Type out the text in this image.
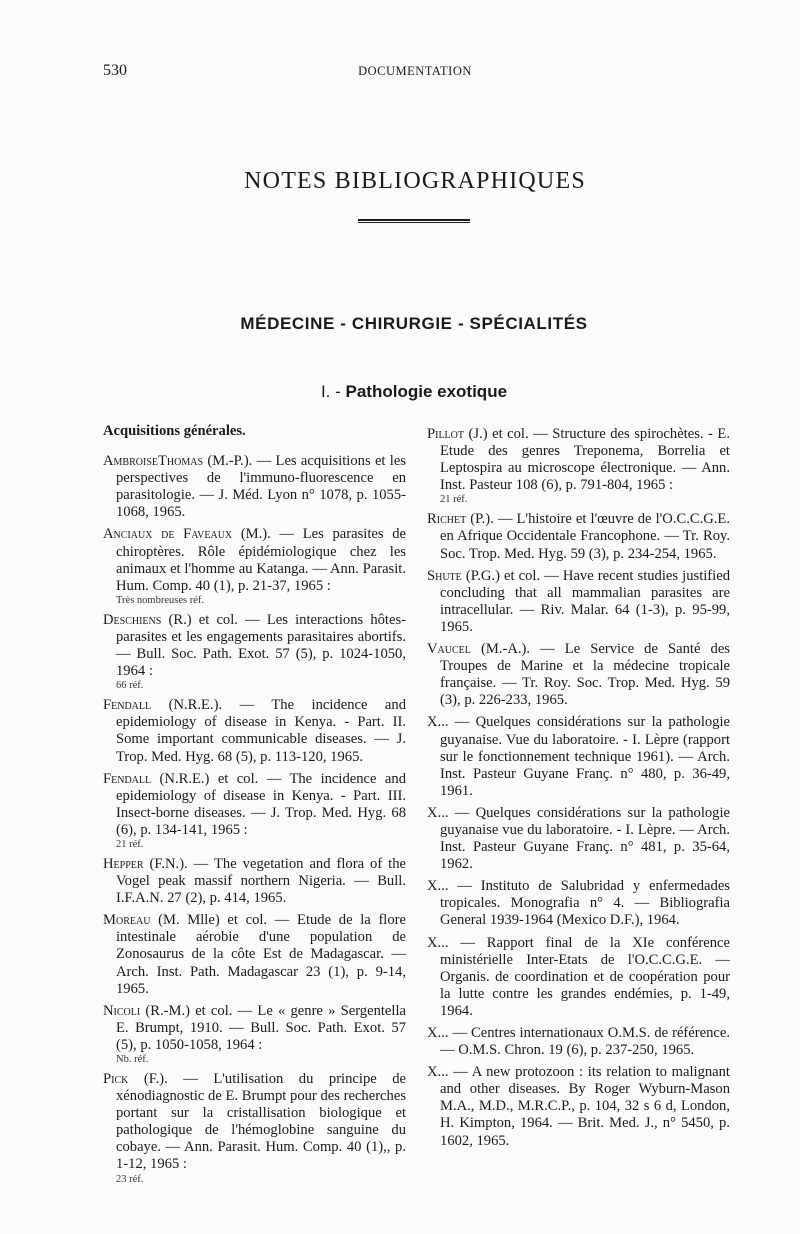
530	DOCUMENTATION
NOTES BIBLIOGRAPHIQUES
MÉDECINE - CHIRURGIE - SPÉCIALITÉS
I. - Pathologie exotique
Acquisitions générales.
AmbroiseThomas (M.-P.). — Les acquisitions et les perspectives de l'immuno-fluorescence en parasitologie. — J. Méd. Lyon n° 1078, p. 1055-1068, 1965.
Anciaux de Faveaux (M.). — Les parasites de chiroptères. Rôle épidémiologique chez les animaux et l'homme au Katanga. — Ann. Parasit. Hum. Comp. 40 (1), p. 21-37, 1965 :
Très nombreuses réf.
Deschiens (R.) et col. — Les interactions hôtes-parasites et les engagements parasitaires abortifs. — Bull. Soc. Path. Exot. 57 (5), p. 1024-1050, 1964 :
66 réf.
Fendall (N.R.E.). — The incidence and epidemiology of disease in Kenya. - Part. II. Some important communicable diseases. — J. Trop. Med. Hyg. 68 (5), p. 113-120, 1965.
Fendall (N.R.E.) et col. — The incidence and epidemiology of disease in Kenya. - Part. III. Insect-borne diseases. — J. Trop. Med. Hyg. 68 (6), p. 134-141, 1965 :
21 réf.
Hepper (F.N.). — The vegetation and flora of the Vogel peak massif northern Nigeria. — Bull. I.F.A.N. 27 (2), p. 414, 1965.
Moreau (M. Mlle) et col. — Etude de la flore intestinale aérobie d'une population de Zonosaurus de la côte Est de Madagascar. — Arch. Inst. Path. Madagascar 23 (1), p. 9-14, 1965.
Nicoli (R.-M.) et col. — Le « genre » Sergentella E. Brumpt, 1910. — Bull. Soc. Path. Exot. 57 (5), p. 1050-1058, 1964 :
Nb. réf.
Pick (F.). — L'utilisation du principe de xénodiagnostic de E. Brumpt pour des recherches portant sur la cristallisation biologique et pathologique de l'hémoglobine sanguine du cobaye. — Ann. Parasit. Hum. Comp. 40 (1),, p. 1-12, 1965 :
23 réf.
Pillot (J.) et col. — Structure des spirochètes. - E. Etude des genres Treponema, Borrelia et Leptospira au microscope électronique. — Ann. Inst. Pasteur 108 (6), p. 791-804, 1965 :
21 réf.
Richet (P.). — L'histoire et l'œuvre de l'O.C.C.G.E. en Afrique Occidentale Francophone. — Tr. Roy. Soc. Trop. Med. Hyg. 59 (3), p. 234-254, 1965.
Shute (P.G.) et col. — Have recent studies justified concluding that all mammalian parasites are intracellular. — Riv. Malar. 64 (1-3), p. 95-99, 1965.
Vaucel (M.-A.). — Le Service de Santé des Troupes de Marine et la médecine tropicale française. — Tr. Roy. Soc. Trop. Med. Hyg. 59 (3), p. 226-233, 1965.
X... — Quelques considérations sur la pathologie guyanaise. Vue du laboratoire. - I. Lèpre (rapport sur le fonctionnement technique 1961). — Arch. Inst. Pasteur Guyane Franç. n° 480, p. 36-49, 1961.
X... — Quelques considérations sur la pathologie guyanaise vue du laboratoire. - I. Lèpre. — Arch. Inst. Pasteur Guyane Franç. n° 481, p. 35-64, 1962.
X... — Instituto de Salubridad y enfermedades tropicales. Monografia n° 4. — Bibliografia General 1939-1964 (Mexico D.F.), 1964.
X... — Rapport final de la XIe conférence ministérielle Inter-Etats de l'O.C.C.G.E. — Organis. de coordination et de coopération pour la lutte contre les grandes endémies, p. 1-49, 1964.
X... — Centres internationaux O.M.S. de référence. — O.M.S. Chron. 19 (6), p. 237-250, 1965.
X... — A new protozoon : its relation to malignant and other diseases. By Roger Wyburn-Mason M.A., M.D., M.R.C.P., p. 104, 32 s 6 d, London, H. Kimpton, 1964. — Brit. Med. J., n° 5450, p. 1602, 1965.
